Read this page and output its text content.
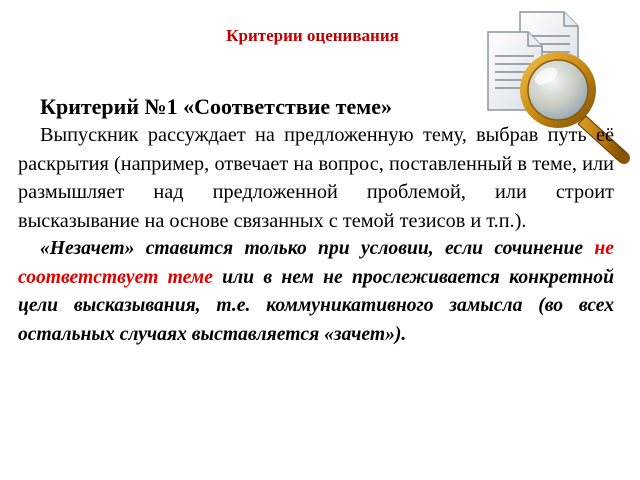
Критерии оценивания
Критерий №1 «Соответствие теме»

Выпускник рассуждает на предложенную тему, выбрав путь её раскрытия (например, отвечает на вопрос, поставленный в теме, или размышляет над предложенной проблемой, или строит высказывание на основе связанных с темой тезисов и т.п.).

«Незачет» ставится только при условии, если сочинение не соответствует теме или в нем не прослеживается конкретной цели высказывания, т.е. коммуникативного замысла (во всех остальных случаях выставляется «зачет»).
